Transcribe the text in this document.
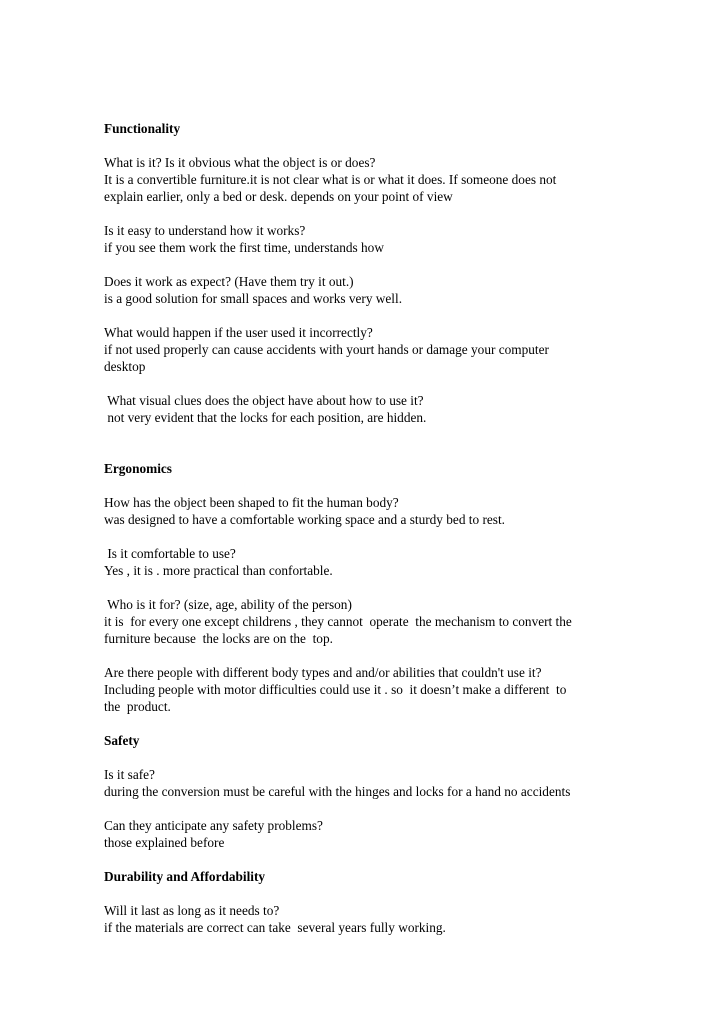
Functionality
What is it? Is it obvious what the object is or does?
It is a convertible furniture.it is not clear what is or what it does. If someone does not
explain earlier, only a bed or desk. depends on your point of view
Is it easy to understand how it works?
if you see them work the first time, understands how
Does it work as expect? (Have them try it out.)
is a good solution for small spaces and works very well.
What would happen if the user used it incorrectly?
if not used properly can cause accidents with yourt hands or damage your computer
desktop
What visual clues does the object have about how to use it?
not very evident that the locks for each position, are hidden.
Ergonomics
How has the object been shaped to fit the human body?
was designed to have a comfortable working space and a sturdy bed to rest.
Is it comfortable to use?
Yes , it is . more practical than confortable.
Who is it for? (size, age, ability of the person)
it is  for every one except childrens , they cannot  operate  the mechanism to convert the
furniture because  the locks are on the  top.
Are there people with different body types and and/or abilities that couldn't use it?
Including people with motor difficulties could use it . so  it doesn’t make a different  to
the  product.
Safety
Is it safe?
during the conversion must be careful with the hinges and locks for a hand no accidents
Can they anticipate any safety problems?
those explained before
Durability and Affordability
Will it last as long as it needs to?
if the materials are correct can take  several years fully working.
